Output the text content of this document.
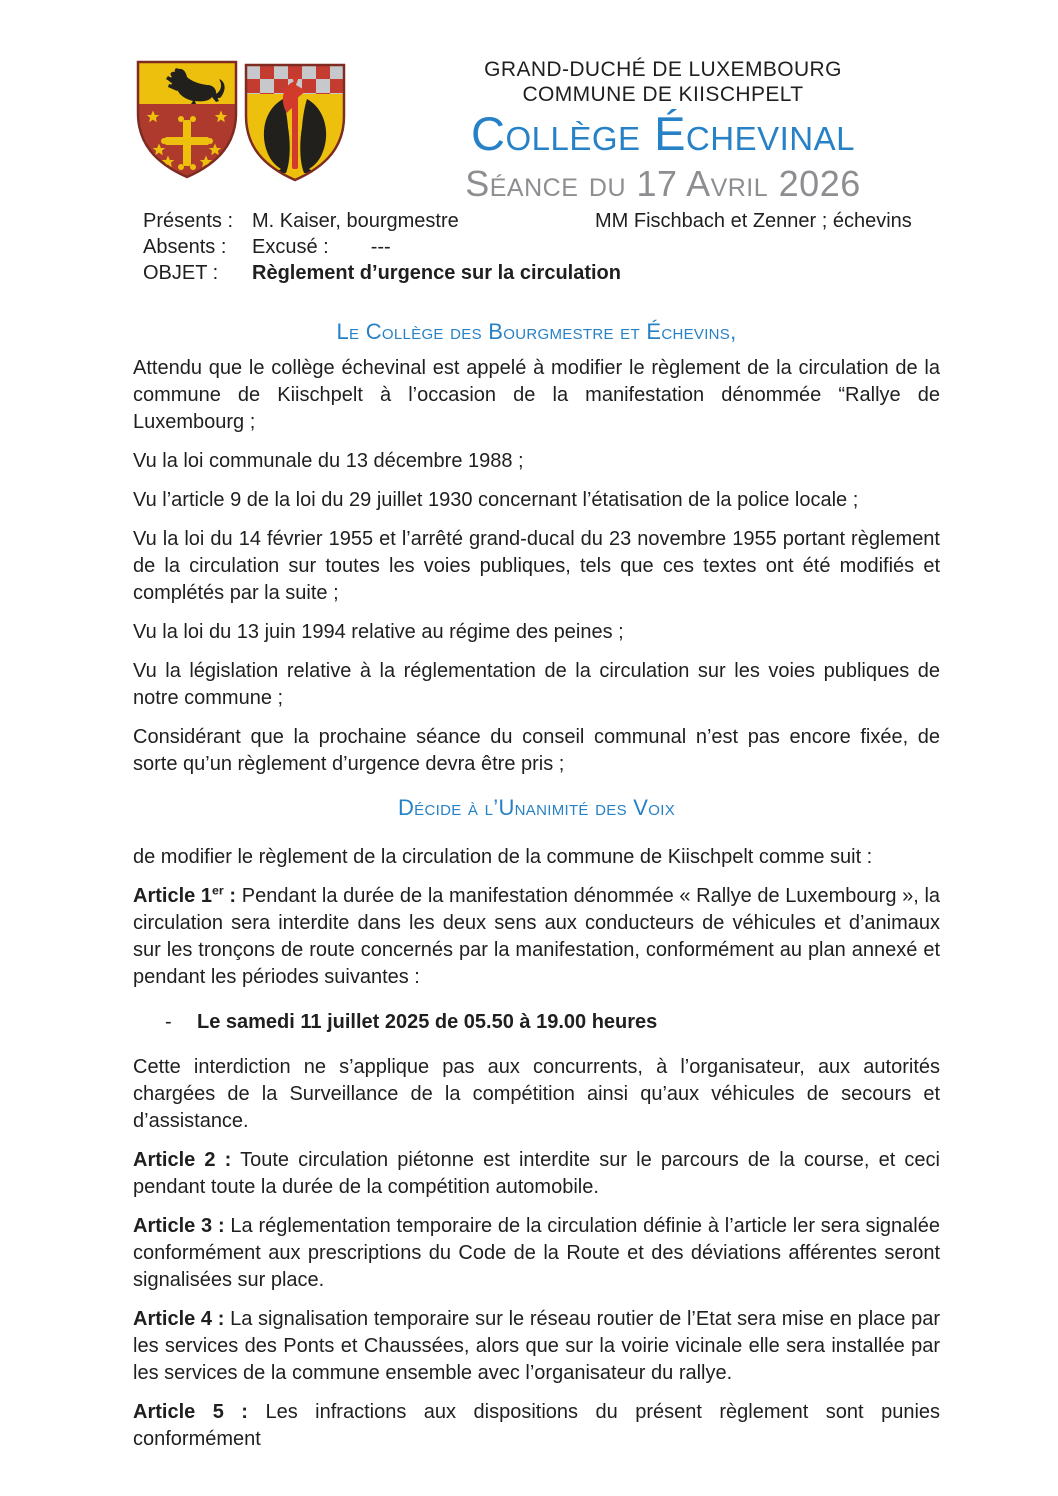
GRAND-DUCHÉ DE LUXEMBOURG
COMMUNE DE KIISCHPELT
Collège Échevinal
Séance du 17 Avril 2026
Présents : M. Kaiser, bourgmestre	MM Fischbach et Zenner ; échevins
Absents :	Excusé : ---
OBJET :	Règlement d’urgence sur la circulation
Le Collège des Bourgmestre et Échevins,

Attendu que le collège échevinal est appelé à modifier le règlement de la circulation de la commune de Kiischpelt à l’occasion de la manifestation dénommée “Rallye de Luxembourg ;

Vu la loi communale du 13 décembre 1988 ;

Vu l’article 9 de la loi du 29 juillet 1930 concernant l’étatisation de la police locale ;

Vu la loi du 14 février 1955 et l’arrêté grand-ducal du 23 novembre 1955 portant règlement de la circulation sur toutes les voies publiques, tels que ces textes ont été modifiés et complétés par la suite ;

Vu la loi du 13 juin 1994 relative au régime des peines ;

Vu la législation relative à la réglementation de la circulation sur les voies publiques de notre commune ;

Considérant que la prochaine séance du conseil communal n’est pas encore fixée, de sorte qu’un règlement d’urgence devra être pris ;

Décide à l’Unanimité des Voix

de modifier le règlement de la circulation de la commune de Kiischpelt comme suit :

Article 1er : Pendant la durée de la manifestation dénommée « Rallye de Luxembourg », la circulation sera interdite dans les deux sens aux conducteurs de véhicules et d’animaux sur les tronçons de route concernés par la manifestation, conformément au plan annexé et pendant les périodes suivantes :

-	Le samedi 11 juillet 2025 de 05.50 à 19.00 heures

Cette interdiction ne s’applique pas aux concurrents, à l’organisateur, aux autorités chargées de la Surveillance de la compétition ainsi qu’aux véhicules de secours et d’assistance.

Article 2 : Toute circulation piétonne est interdite sur le parcours de la course, et ceci pendant toute la durée de la compétition automobile.

Article 3 : La réglementation temporaire de la circulation définie à l’article ler sera signalée conformément aux prescriptions du Code de la Route et des déviations afférentes seront signalisées sur place.

Article 4 : La signalisation temporaire sur le réseau routier de l’Etat sera mise en place par les services des Ponts et Chaussées, alors que sur la voirie vicinale elle sera installée par les services de la commune ensemble avec l’organisateur du rallye.

Article 5 : Les infractions aux dispositions du présent règlement sont punies conformément
